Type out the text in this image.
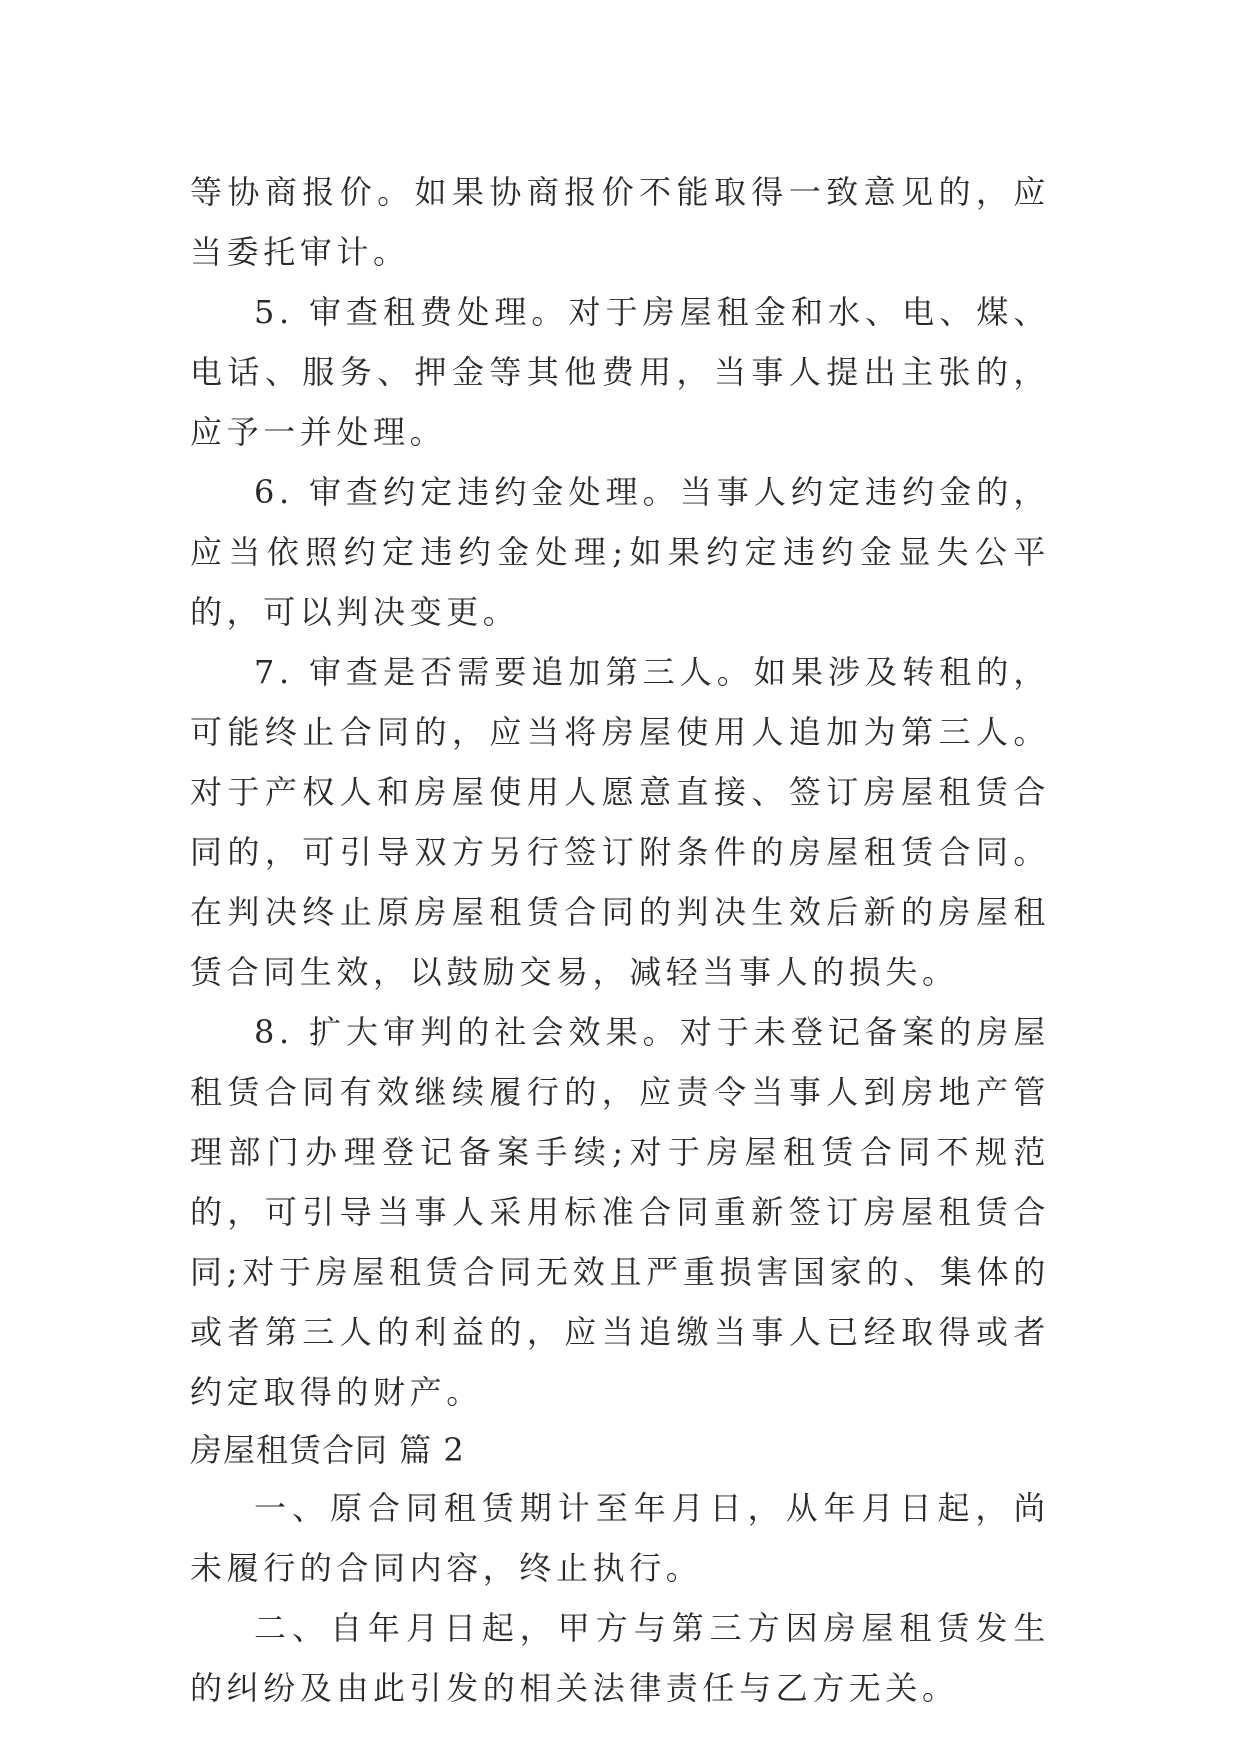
等协商报价。如果协商报价不能取得一致意见的，应当委托审计。

5. 审查租费处理。对于房屋租金和水、电、煤、电话、服务、押金等其他费用，当事人提出主张的，应予一并处理。

6. 审查约定违约金处理。当事人约定违约金的，应当依照约定违约金处理;如果约定违约金显失公平的，可以判决变更。

7. 审查是否需要追加第三人。如果涉及转租的，可能终止合同的，应当将房屋使用人追加为第三人。对于产权人和房屋使用人愿意直接、签订房屋租赁合同的，可引导双方另行签订附条件的房屋租赁合同。在判决终止原房屋租赁合同的判决生效后新的房屋租赁合同生效，以鼓励交易，减轻当事人的损失。

8. 扩大审判的社会效果。对于未登记备案的房屋租赁合同有效继续履行的，应责令当事人到房地产管理部门办理登记备案手续;对于房屋租赁合同不规范的，可引导当事人采用标准合同重新签订房屋租赁合同;对于房屋租赁合同无效且严重损害国家的、集体的或者第三人的利益的，应当追缴当事人已经取得或者约定取得的财产。

房屋租赁合同 篇 2

一、原合同租赁期计至年月日，从年月日起，尚未履行的合同内容，终止执行。

二、自年月日起，甲方与第三方因房屋租赁发生的纠纷及由此引发的相关法律责任与乙方无关。
